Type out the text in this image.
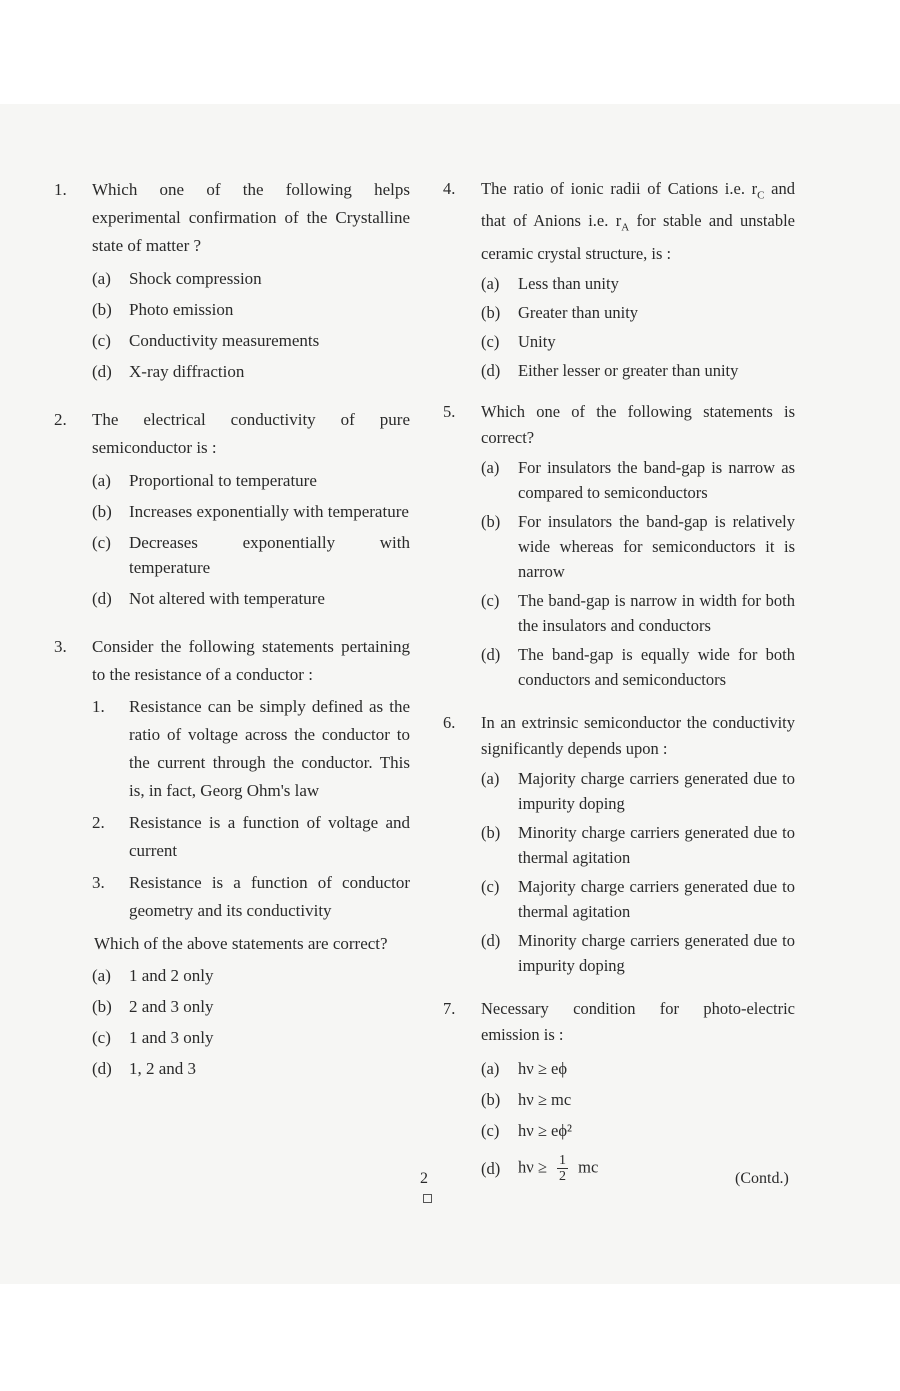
1.	Which one of the following helps experimental confirmation of the Crystalline state of matter ?
(a)	Shock compression
(b)	Photo emission
(c)	Conductivity measurements
(d)	X-ray diffraction
2.	The electrical conductivity of pure semiconductor is :
(a)	Proportional to temperature
(b)	Increases exponentially with temperature
(c)	Decreases exponentially with temperature
(d)	Not altered with temperature
3.	Consider the following statements pertaining to the resistance of a conductor :
1.	Resistance can be simply defined as the ratio of voltage across the conductor to the current through the conductor. This is, in fact, Georg Ohm's law
2.	Resistance is a function of voltage and current
3.	Resistance is a function of conductor geometry and its conductivity
Which of the above statements are correct?
(a)	1 and 2 only
(b)	2 and 3 only
(c)	1 and 3 only
(d)	1, 2 and 3
4.	The ratio of ionic radii of Cations i.e. $r_C$ and that of Anions i.e. $r_A$ for stable and unstable ceramic crystal structure, is :
(a)	Less than unity
(b)	Greater than unity
(c)	Unity
(d)	Either lesser or greater than unity
5.	Which one of the following statements is correct?
(a)	For insulators the band-gap is narrow as compared to semiconductors
(b)	For insulators the band-gap is relatively wide whereas for semiconductors it is narrow
(c)	The band-gap is narrow in width for both the insulators and conductors
(d)	The band-gap is equally wide for both conductors and semiconductors
6.	In an extrinsic semiconductor the conductivity significantly depends upon :
(a)	Majority charge carriers generated due to impurity doping
(b)	Minority charge carriers generated due to thermal agitation
(c)	Majority charge carriers generated due to thermal agitation
(d)	Minority charge carriers generated due to impurity doping
7.	Necessary condition for photo-electric emission is :
(a)	hν ≥ eϕ
(b)	hν ≥ mc
(c)	hν ≥ eϕ²
(d)	$h\nu \ge \frac{1}{2}$ mc
2	(Contd.)
